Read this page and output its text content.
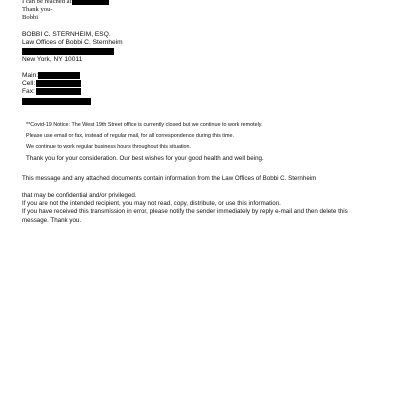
I can be reached at
Thank you-
Bobbi
BOBBI C. STERNHEIM, ESQ.
Law Offices of Bobbi C. Sternheim
New York, NY 10011
Main:
Cell:
Fax:
**Covid-19 Notice: The West 19th Street office is currently closed but we continue to work remotely.
Please use email or fax, instead of regular mail, for all correspondence during this time.
We continue to work regular business hours throughout this situation.
Thank you for your consideration. Our best wishes for your good health and well being.
This message and any attached documents contain information from the Law Offices of Bobbi C. Sternheim
that may be confidential and/or privileged.
If you are not the intended recipient, you may not read, copy, distribute, or use this information.
If you have received this transmission in error, please notify the sender immediately by reply e-mail and then delete this
message. Thank you.
